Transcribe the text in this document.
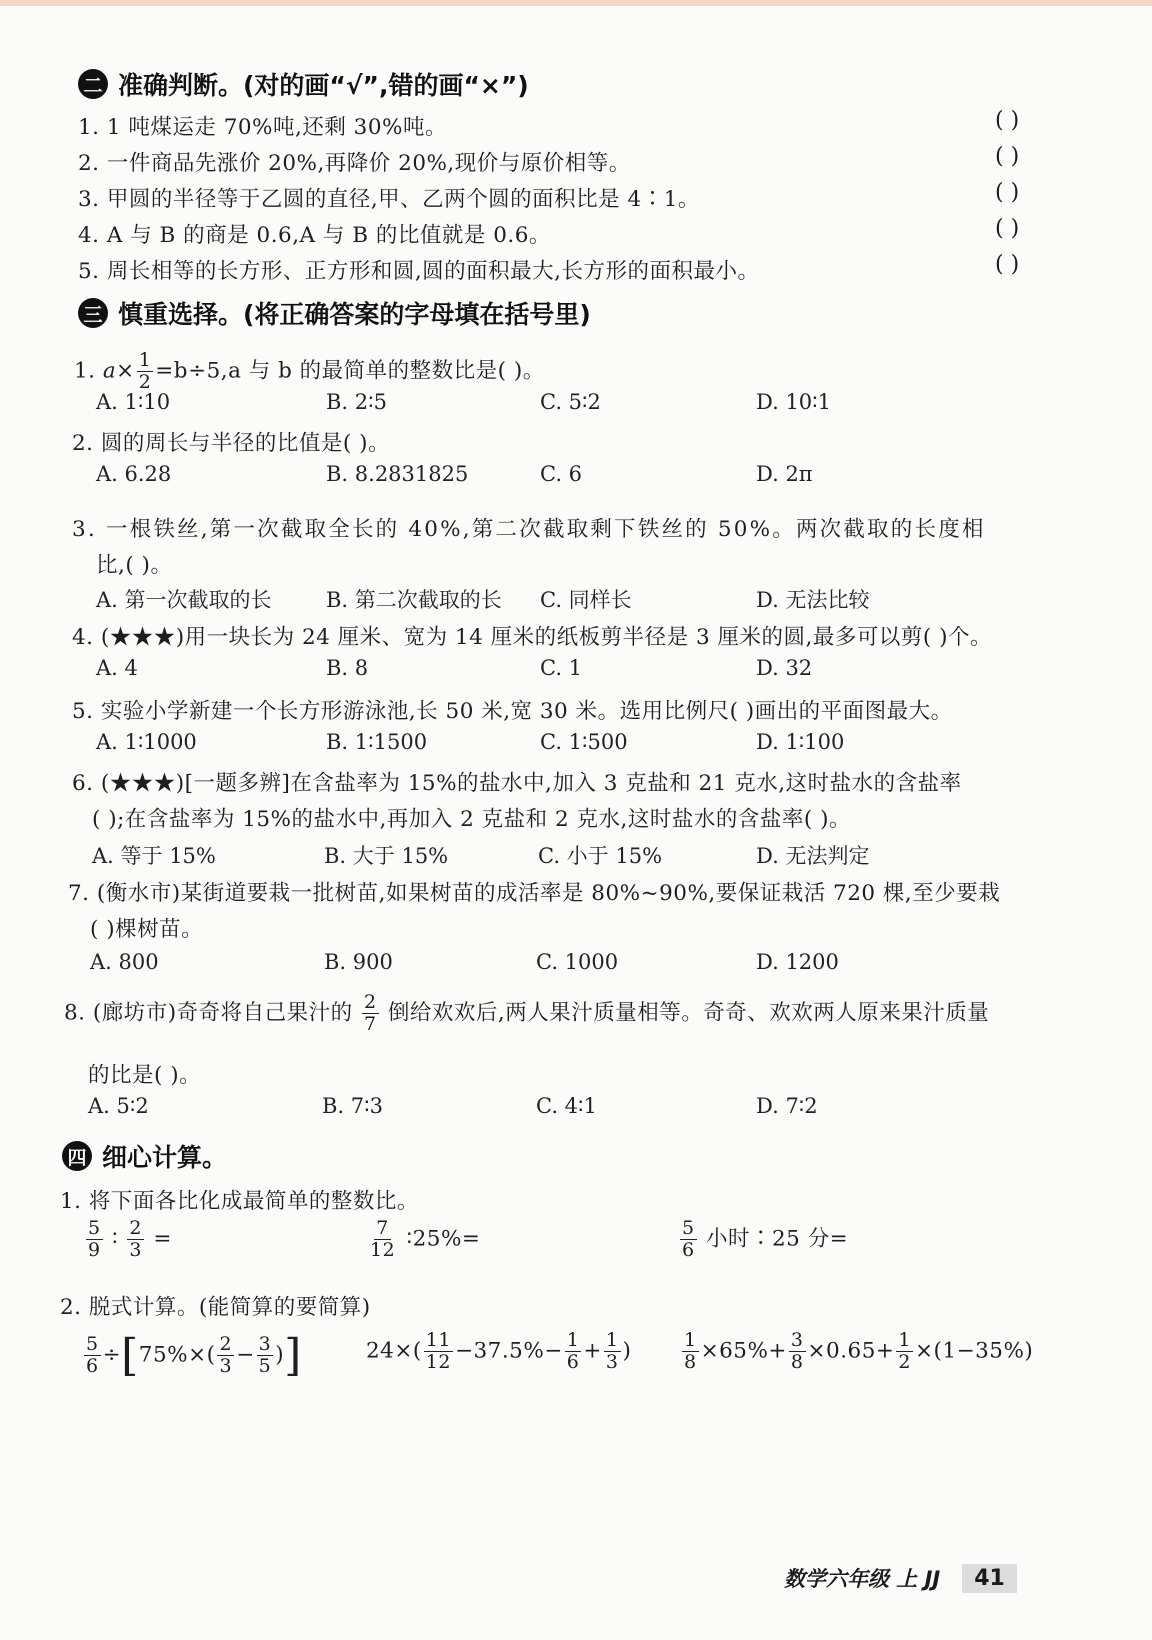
二 准确判断。(对的画“√”,错的画“×”)
1. 1 吨煤运走 70%吨,还剩 30%吨。	( )
2. 一件商品先涨价 20%,再降价 20%,现价与原价相等。	( )
3. 甲圆的半径等于乙圆的直径,甲、乙两个圆的面积比是 4∶1。	( )
4. A 与 B 的商是 0.6,A 与 B 的比值就是 0.6。	( )
5. 周长相等的长方形、正方形和圆,圆的面积最大,长方形的面积最小。	( )
三 慎重选择。(将正确答案的字母填在括号里)
1. $a\times \frac{1}{2} =b\div 5,a$ 与 b 的最简单的整数比是( )。
A. 1∶10	B. 2∶5	C. 5∶2	D. 10∶1
2. 圆的周长与半径的比值是( )。
A. 6.28	B. 8.2831825	C. 6	D. 2π
3. 一根铁丝,第一次截取全长的 40%,第二次截取剩下铁丝的 50%。两次截取的长度相
比,( )。
A. 第一次截取的长	B. 第二次截取的长 C. 同样长	D. 无法比较
4. (★★★)用一块长为 24 厘米、宽为 14 厘米的纸板剪半径是 3 厘米的圆,最多可以剪( )个。
A. 4	B. 8	C. 1	D. 32
5. 实验小学新建一个长方形游泳池,长 50 米,宽 30 米。选用比例尺( )画出的平面图最大。
A. 1∶1000	B. 1∶1500	C. 1∶500	D. 1∶100
6. (★★★)[一题多辨]在含盐率为 15%的盐水中,加入 3 克盐和 21 克水,这时盐水的含盐率
( );在含盐率为 15%的盐水中,再加入 2 克盐和 2 克水,这时盐水的含盐率( )。
A. 等于 15%	B. 大于 15%	C. 小于 15%	D. 无法判定
7. (衡水市)某街道要栽一批树苗,如果树苗的成活率是 80%~90%,要保证栽活 720 棵,至少要栽
( )棵树苗。
A. 800	B. 900	C. 1000	D. 1200
8. (廊坊市)奇奇将自己果汁的 $\frac{2}{7}$ 倒给欢欢后,两人果汁质量相等。奇奇、欢欢两人原来果汁质量
的比是( )。
A. 5∶2	B. 7∶3	C. 4∶1	D. 7∶2
四 细心计算。
1. 将下面各比化成最简单的整数比。
$\frac{5}{9}$ ∶ $\frac{2}{3}$ =	$\frac{7}{12}$ ∶25%=	$\frac{5}{6}$ 小时∶25 分=
2. 脱式计算。(能简算的要简算)
$\frac{5}{6} \div[75\%\times( \frac{2}{3} - \frac{3}{5}$ )]	$24\times( \frac{11}{12} -37.5\%- \frac{1}{6} + \frac{1}{3}$ )	$\frac{1}{8} \times 65\%+ \frac{3}{8} \times 0.65+ \frac{1}{2} \times(1-35\%)$
数学六年级 上 JJ	41
